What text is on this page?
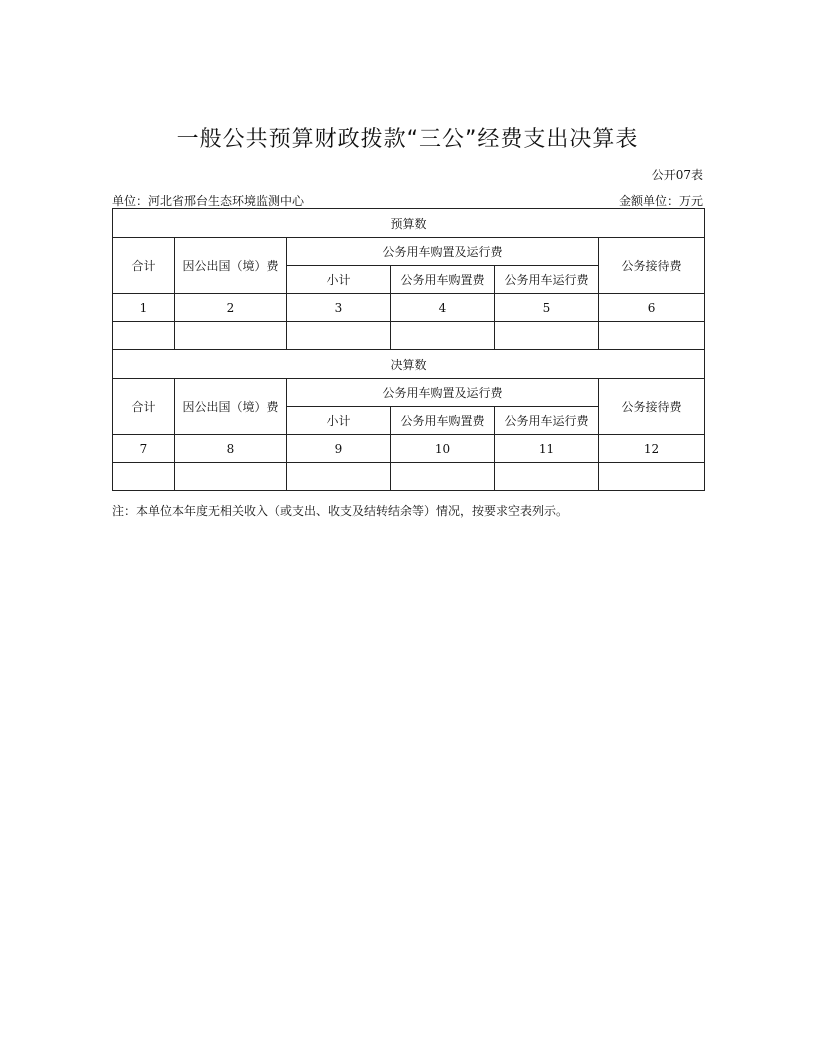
一般公共预算财政拨款“三公”经费支出决算表
公开07表
单位：河北省邢台生态环境监测中心	金额单位：万元
预算数					
合计	因公出国（境）费	公务用车购置及运行费			公务接待费
		小计	公务用车购置费	公务用车运行费	
1	2	3	4	5	6

决算数					
合计	因公出国（境）费	公务用车购置及运行费			公务接待费
		小计	公务用车购置费	公务用车运行费	
7	8	9	10	11	12

注：本单位本年度无相关收入（或支出、收支及结转结余等）情况，按要求空表列示。
